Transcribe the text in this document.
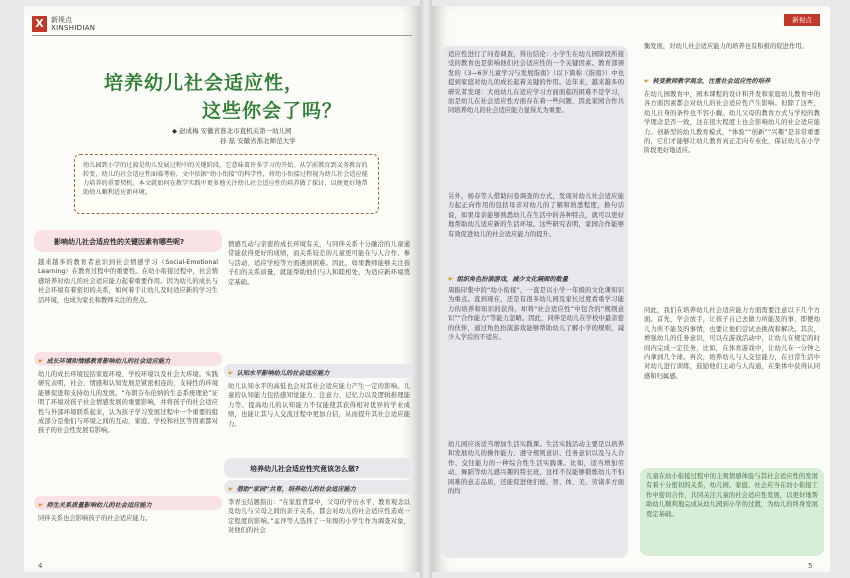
X	新视点
XINSHIDIAN
培养幼儿社会适应性，
这些你会了吗？
◆ 赵成梅 安徽省淮北市直机关第一幼儿园
孙 磊 安徽省淮北师范大学
幼儿园到小学的过渡是幼儿发展过程中的关键阶段。它意味着许多学习的开始。从学前教育到义务教育的转变，幼儿的社会适应性面临考验。文中依据“幼小衔接”的科学性，将幼小衔接过程视为幼儿社会适应能力培养的重要契机。本文就如何在教学实践中更多地关注幼儿社会适应性的培养做了探讨，以便更好地帮助幼儿顺利适应新环境。
影响幼儿社会适应性的关键因素有哪些呢?
越来越多的教育者意识到社会情感学习（Social-Emotional Learning）在教育过程中的重要性。在幼小衔接过程中，社会情感培养对幼儿的社会适应能力起着重要作用。因为幼儿的成长与社会环境有着密切的关系，如何着手让幼儿及时适应新的学习生活环境，也成为家长和教师关注的焦点。
☛ 成长环境和情感教育影响幼儿的社会适应能力
幼儿的成长环境包括家庭环境、学校环境以及社会大环境。实践研究表明，社会、情感和认知发展是紧密相连的，支持性的环境能够促进和支持幼儿的发展。“布朗芬布伦纳的生态系统理论”证明了环境对孩子社会情感发展的重要影响，并将孩子的社会适应性与外部环境联系起来，认为孩子学习发展过程中一个重要的组成部分是他们与环境之间的互动，家庭、学校和社区等因素都对孩子的社会性发展有影响。
☛ 师生关系质量影响幼儿的社会适应能力
同伴关系也会影响孩子的社会适应能力。
情感互动与亲密的成长环境有关，与同伴关系十分融洽的儿童通常能获得更好的成绩，而关系较差的儿童更可能在与人合作、参与活动、适应学校等方面遇到困难。因此，如果教师能够关注孩子们的关系质量，就能帮助他们与人和睦相处，为适应新环境奠定基础。
☛ 认知水平影响幼儿的社会适应能力
幼儿认知水平的高低也会对其社会适应能力产生一定的影响。儿童的认知能力包括感知觉能力、注意力、记忆力以及逻辑推理能力等。提高幼儿的认知能力不仅能使其获得相对优异的学业成绩，也能让其与人交流过程中更加自信，从而提升其社会适应能力。
培养幼儿社会适应性究竟该怎么做?
☛ 借助“家园”共育，培养幼儿的社会适应能力
李青玉结题指出：“在家庭背景中，父母的学历水平、教育观念以及幼儿与父母之间的亲子关系，都会对幼儿的社会适应性造成一定程度的影响。”孟萍等人选择了一年级的小学生作为调查对象，对他们的社会
4
新视点
适应性进行了问卷调查，得出结论：小学生在幼儿园阶段所接受的教育也是影响他们社会适应性的一个关键因素。教育部颁发的《3—6岁儿童学习与发展指南》（以下简称《指南》）中也提到家庭对幼儿的成长起着关键的作用。近年来，越来越多的研究者发现：大班幼儿在适应学习方面面临的困难不是学习，而是幼儿在社会适应性方面存在着一些问题，因此家园合作共同培养幼儿的社会适应能力显得尤为重要。
另外，杨春等人借助问卷调查的方式，发现对幼儿社会适应能力起正向作用的包括母亲对幼儿的了解和熟悉程度，换句话说，如果母亲能够熟悉幼儿在生活中的各种特点，就可以更好地帮助幼儿适应新的生活环境。这些研究表明，家园合作能够有效促进幼儿的社会适应能力的提升。
☛ 组织角色扮演游戏，减少文化隔阂的数量
周振印集中的“幼小衔接”，一直是以小学一年级的文化课知识为重点。直到现在，还是有很多幼儿园及家长过度看重学习能力的培养和知识的获得，却将“社会适应性”中包含的“规则意识”“合作能力”等能力忽略。因此，同伴是幼儿在学校中最亲密的伙伴，通过角色扮演游戏能够帮助幼儿了解小学的规则，减少入学后的不适应。
幼儿园应该适当增加生活实践课。生活实践活动主要是以培养和发展幼儿的操作能力、遵守规则意识、任务意识以及与人合作、交往能力的一种综合性生活实践课。比如，适当增加劳动、舞蹈等幼儿感兴趣的特长班，这样不仅能够锻炼幼儿不怕困难的意志品质，还能促进他们德、智、体、美、劳诸多方面的均
衡发展，对幼儿社会适应能力的培养也有积极的促进作用。
☛ 转变教师教学观念，注重社会适应性的培养
在幼儿园教育中，园本课程的设计和开发和家庭幼儿教育中的各方面因素都会对幼儿的社会适应性产生影响。但除了这些，幼儿自身的条件也不容小觑。幼儿父母的教育方式与学校的教学理念是否一致，这在很大程度上也会影响幼儿的社会适应能力。创新型的幼儿教育模式，“体验”“创新”“兴趣”是非常重要的，它们才能够让幼儿教育真正走向专业化，保证幼儿在小学阶段更好地适应。
同此，我们在培养幼儿社会适应能力方面需要注意以下几个方面。首先，学会放手，让孩子自己去做力所能及的事，即便幼儿力所不能及的事情，也要让他们尝试去挑战和解决。其次，增强幼儿的任务意识，可以在游戏活动中，让幼儿在规定的时间内完成一定任务，比如，在体育游戏中，让幼儿在一分钟之内拿到几个球。再次，培养幼儿与人交往能力，在日常生活中对幼儿进行训练，鼓励他们主动与人沟通，在集体中获得认同感和归属感。
儿童在幼小衔接过程中的主观情感体验与其社会适应性的发展有着十分密切的关系，幼儿园、家庭、社会应当在幼小衔接工作中密切合作，共同关注儿童的社会适应性发展，以更好地帮助幼儿顺利地完成从幼儿园到小学的过渡，为幼儿的终身发展奠定基础。
5
